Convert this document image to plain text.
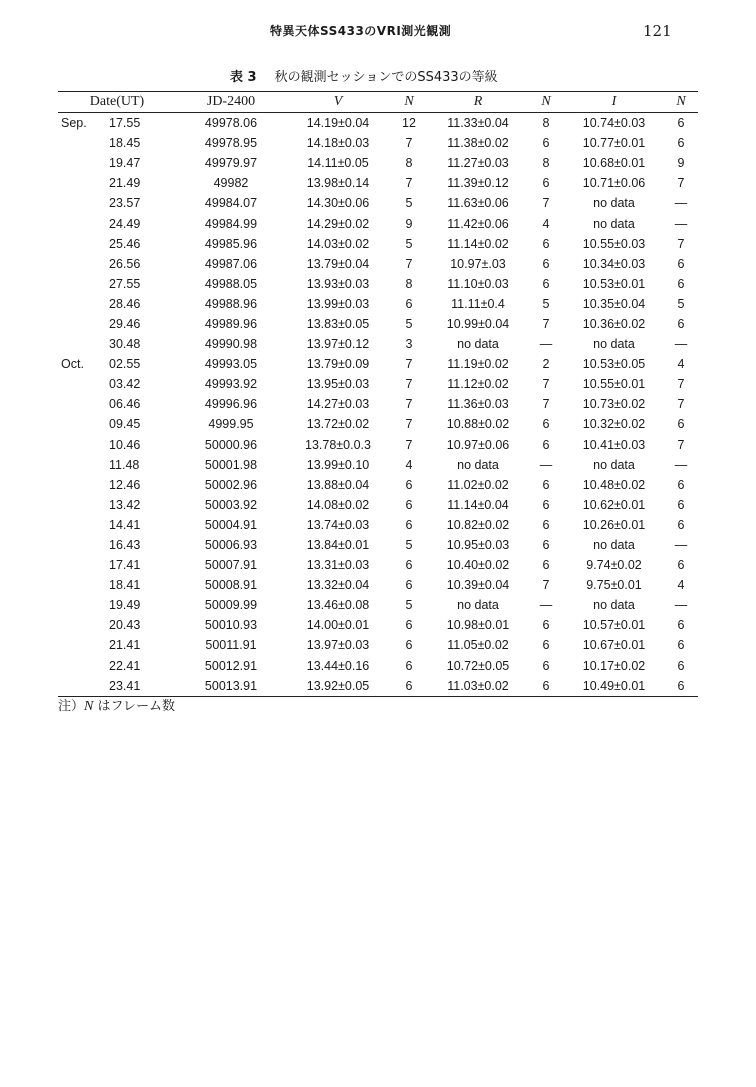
特異天体SS433のVRI測光観測	121
表 3 秋の観測セッションでのSS433の等級
Date(UT)	JD-2400	V	N	R	N	I	N
Sep. 17.55	49978.06	14.19±0.04	12	11.33±0.04	8	10.74±0.03	6
18.45	49978.95	14.18±0.03	7	11.38±0.02	6	10.77±0.01	6
19.47	49979.97	14.11±0.05	8	11.27±0.03	8	10.68±0.01	9
21.49	49982	13.98±0.14	7	11.39±0.12	6	10.71±0.06	7
23.57	49984.07	14.30±0.06	5	11.63±0.06	7	no data	—
24.49	49984.99	14.29±0.02	9	11.42±0.06	4	no data	—
25.46	49985.96	14.03±0.02	5	11.14±0.02	6	10.55±0.03	7
26.56	49987.06	13.79±0.04	7	10.97±.03	6	10.34±0.03	6
27.55	49988.05	13.93±0.03	8	11.10±0.03	6	10.53±0.01	6
28.46	49988.96	13.99±0.03	6	11.11±0.4	5	10.35±0.04	5
29.46	49989.96	13.83±0.05	5	10.99±0.04	7	10.36±0.02	6
30.48	49990.98	13.97±0.12	3	no data	—	no data	—
Oct. 02.55	49993.05	13.79±0.09	7	11.19±0.02	2	10.53±0.05	4
03.42	49993.92	13.95±0.03	7	11.12±0.02	7	10.55±0.01	7
06.46	49996.96	14.27±0.03	7	11.36±0.03	7	10.73±0.02	7
09.45	4999.95	13.72±0.02	7	10.88±0.02	6	10.32±0.02	6
10.46	50000.96	13.78±0.0.3	7	10.97±0.06	6	10.41±0.03	7
11.48	50001.98	13.99±0.10	4	no data	—	no data	—
12.46	50002.96	13.88±0.04	6	11.02±0.02	6	10.48±0.02	6
13.42	50003.92	14.08±0.02	6	11.14±0.04	6	10.62±0.01	6
14.41	50004.91	13.74±0.03	6	10.82±0.02	6	10.26±0.01	6
16.43	50006.93	13.84±0.01	5	10.95±0.03	6	no data	—
17.41	50007.91	13.31±0.03	6	10.40±0.02	6	9.74±0.02	6
18.41	50008.91	13.32±0.04	6	10.39±0.04	7	9.75±0.01	4
19.49	50009.99	13.46±0.08	5	no data	—	no data	—
20.43	50010.93	14.00±0.01	6	10.98±0.01	6	10.57±0.01	6
21.41	50011.91	13.97±0.03	6	11.05±0.02	6	10.67±0.01	6
22.41	50012.91	13.44±0.16	6	10.72±0.05	6	10.17±0.02	6
23.41	50013.91	13.92±0.05	6	11.03±0.02	6	10.49±0.01	6
注）N はフレーム数
